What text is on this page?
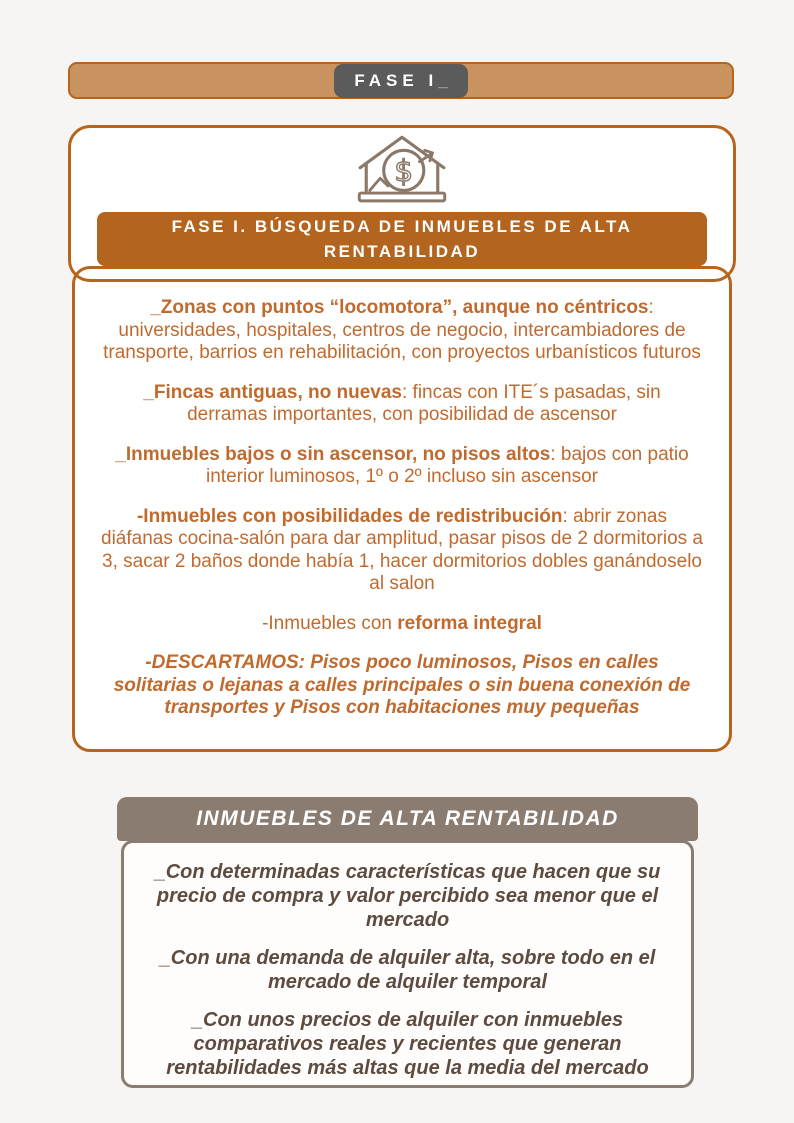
FASE I _
$
FASE I. BÚSQUEDA DE INMUEBLES DE ALTA RENTABILIDAD

_Zonas con puntos “locomotora”, aunque no céntricos: universidades, hospitales, centros de negocio, intercambiadores de transporte, barrios en rehabilitación, con proyectos urbanísticos futuros

_Fincas antiguas, no nuevas: fincas con ITE´s pasadas, sin derramas importantes, con posibilidad de ascensor

_Inmuebles bajos o sin ascensor, no pisos altos: bajos con patio interior luminosos, 1º o 2º incluso sin ascensor

-Inmuebles con posibilidades de redistribución: abrir zonas diáfanas cocina-salón para dar amplitud, pasar pisos de 2 dormitorios a 3, sacar 2 baños donde había 1, hacer dormitorios dobles ganándoselo al salon

-Inmuebles con reforma integral

-DESCARTAMOS: Pisos poco luminosos, Pisos en calles solitarias o lejanas a calles principales o sin buena conexión de transportes y Pisos con habitaciones muy pequeñas

_Con determinadas características que hacen que su precio de compra y valor percibido sea menor que el mercado

_Con una demanda de alquiler alta, sobre todo en el mercado de alquiler temporal

_Con unos precios de alquiler con inmuebles comparativos reales y recientes que generan rentabilidades más altas que la media del mercado

INMUEBLES DE ALTA RENTABILIDAD
